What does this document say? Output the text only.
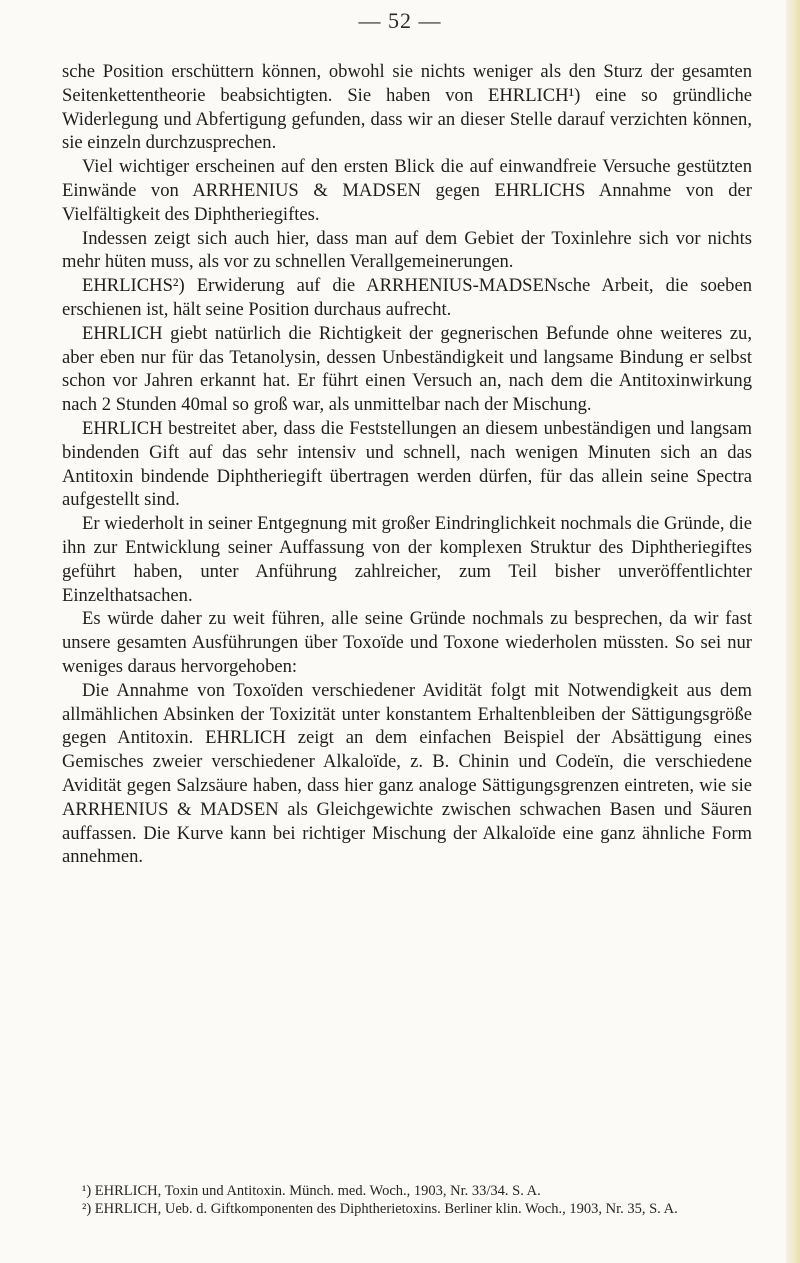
— 52 —

sche Position erschüttern können, obwohl sie nichts weniger als den Sturz der gesamten Seitenkettentheorie beabsichtigten. Sie haben von EHRLICH¹) eine so gründliche Widerlegung und Abfertigung gefunden, dass wir an dieser Stelle darauf verzichten können, sie einzeln durchzusprechen.

Viel wichtiger erscheinen auf den ersten Blick die auf einwandfreie Versuche gestützten Einwände von ARRHENIUS & MADSEN gegen EHRLICHS Annahme von der Vielfältigkeit des Diphtheriegiftes.

Indessen zeigt sich auch hier, dass man auf dem Gebiet der Toxinlehre sich vor nichts mehr hüten muss, als vor zu schnellen Verallgemeinerungen.

EHRLICHS²) Erwiderung auf die ARRHENIUS-MADSENsche Arbeit, die soeben erschienen ist, hält seine Position durchaus aufrecht.

EHRLICH giebt natürlich die Richtigkeit der gegnerischen Befunde ohne weiteres zu, aber eben nur für das Tetanolysin, dessen Unbeständigkeit und langsame Bindung er selbst schon vor Jahren erkannt hat. Er führt einen Versuch an, nach dem die Antitoxinwirkung nach 2 Stunden 40mal so groß war, als unmittelbar nach der Mischung.

EHRLICH bestreitet aber, dass die Feststellungen an diesem unbeständigen und langsam bindenden Gift auf das sehr intensiv und schnell, nach wenigen Minuten sich an das Antitoxin bindende Diphtheriegift übertragen werden dürfen, für das allein seine Spectra aufgestellt sind.

Er wiederholt in seiner Entgegnung mit großer Eindringlichkeit nochmals die Gründe, die ihn zur Entwicklung seiner Auffassung von der komplexen Struktur des Diphtheriegiftes geführt haben, unter Anführung zahlreicher, zum Teil bisher unveröffentlichter Einzelthatsachen.

Es würde daher zu weit führen, alle seine Gründe nochmals zu besprechen, da wir fast unsere gesamten Ausführungen über Toxoïde und Toxone wiederholen müssten. So sei nur weniges daraus hervorgehoben:

Die Annahme von Toxoïden verschiedener Avidität folgt mit Notwendigkeit aus dem allmählichen Absinken der Toxizität unter konstantem Erhaltenbleiben der Sättigungsgröße gegen Antitoxin. EHRLICH zeigt an dem einfachen Beispiel der Absättigung eines Gemisches zweier verschiedener Alkaloïde, z. B. Chinin und Codeïn, die verschiedene Avidität gegen Salzsäure haben, dass hier ganz analoge Sättigungsgrenzen eintreten, wie sie ARRHENIUS & MADSEN als Gleichgewichte zwischen schwachen Basen und Säuren auffassen. Die Kurve kann bei richtiger Mischung der Alkaloïde eine ganz ähnliche Form annehmen.

¹) EHRLICH, Toxin und Antitoxin. Münch. med. Woch., 1903, Nr. 33/34. S. A.

²) EHRLICH, Ueb. d. Giftkomponenten des Diphtherietoxins. Berliner klin. Woch., 1903, Nr. 35, S. A.
